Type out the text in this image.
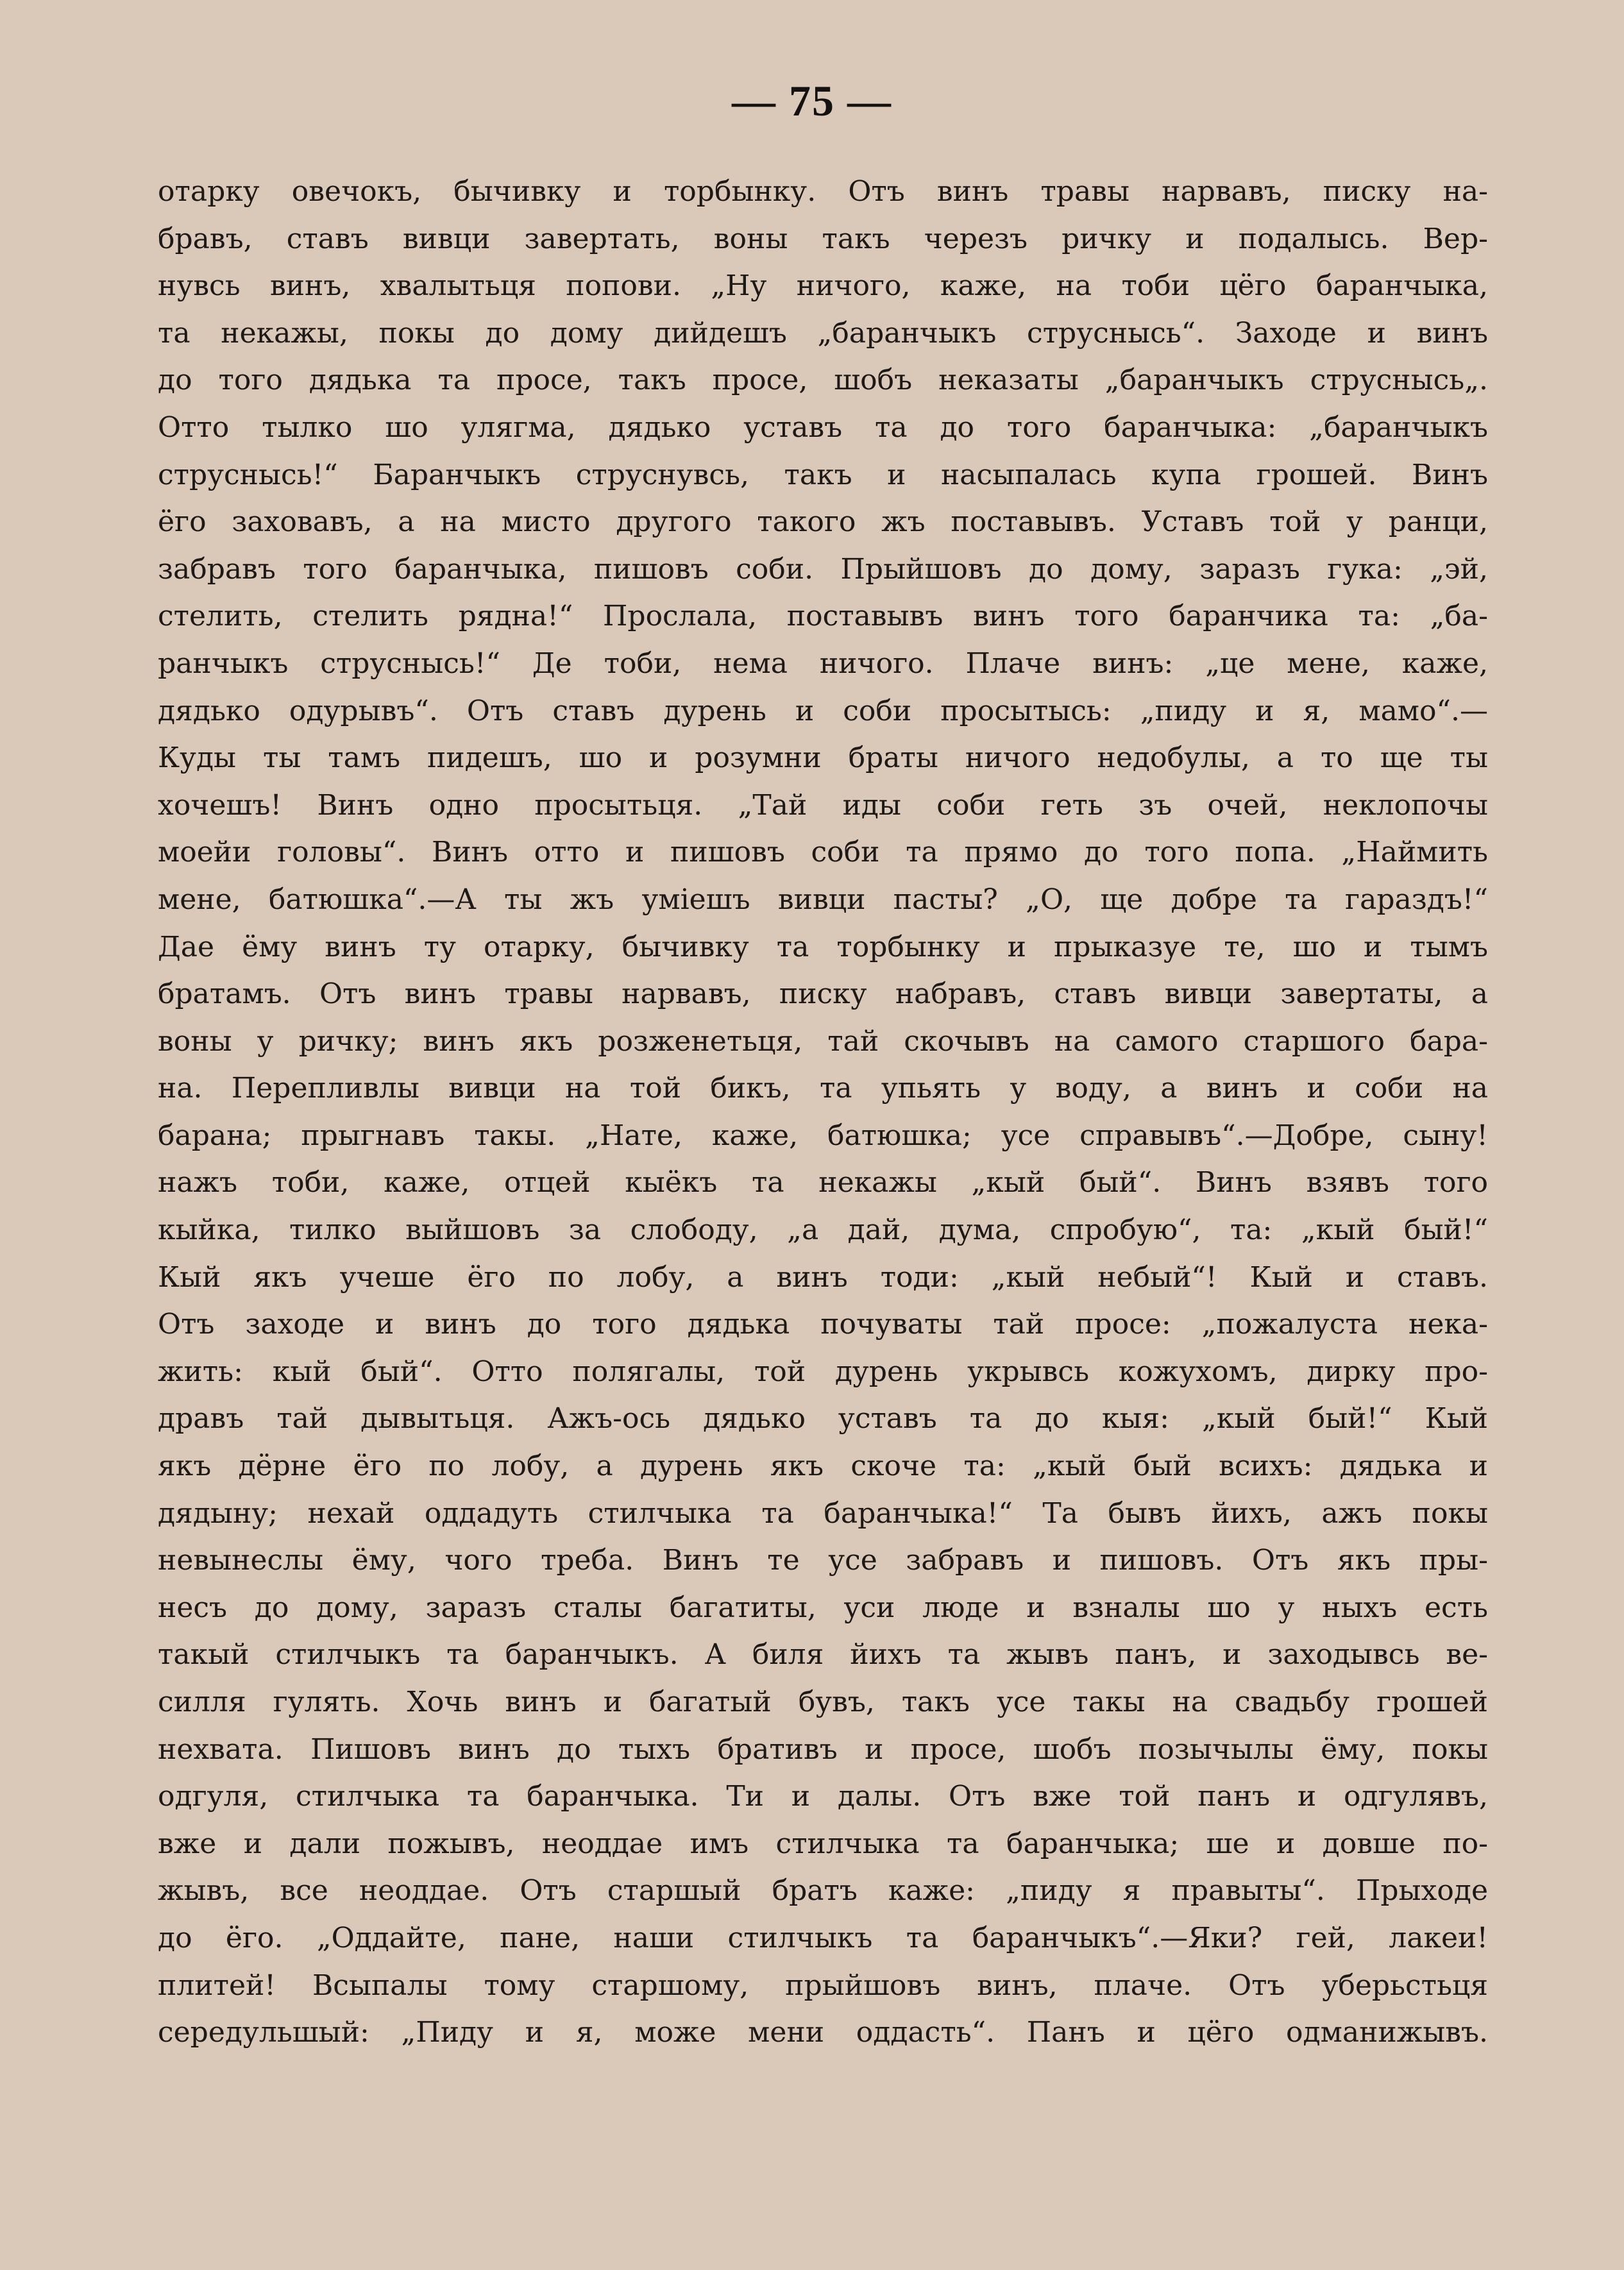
— 75 —
отарку овечокъ, бычивку и торбынку. Отъ винъ травы нарвавъ, писку на-
бравъ, ставъ вивци завертать, воны такъ черезъ ричку и подалысь. Вер-
нувсь винъ, хвалытьця попови. „Ну ничого, каже, на тоби цёго баранчыка,
та некажы, покы до дому дийдешъ „баранчыкъ струснысь“. Заходе и винъ
до того дядька та просе, такъ просе, шобъ неказаты „баранчыкъ струснысь„.
Отто тылко шо улягма, дядько уставъ та до того баранчыка: „баранчыкъ
струснысь!“ Баранчыкъ струснувсь, такъ и насыпалась купа грошей. Винъ
ёго заховавъ, а на мисто другого такого жъ поставывъ. Уставъ той у ранци,
забравъ того баранчыка, пишовъ соби. Прыйшовъ до дому, заразъ гука: „эй,
стелить, стелить рядна!“ Прослала, поставывъ винъ того баранчика та: „ба-
ранчыкъ струснысь!“ Де тоби, нема ничого. Плаче винъ: „це мене, каже,
дядько одурывъ“. Отъ ставъ дурень и соби просытысь: „пиду и я, мамо“.—
Куды ты тамъ пидешъ, шо и розумни браты ничого недобулы, а то ще ты
хочешъ! Винъ одно просытьця. „Тай иды соби геть зъ очей, неклопочы
моейи головы“. Винъ отто и пишовъ соби та прямо до того попа. „Наймить
мене, батюшка“.—А ты жъ уміешъ вивци пасты? „О, ще добре та гараздъ!“
Дае ёму винъ ту отарку, бычивку та торбынку и прыказуе те, шо и тымъ
братамъ. Отъ винъ травы нарвавъ, писку набравъ, ставъ вивци завертаты, а
воны у ричку; винъ якъ розженетьця, тай скочывъ на самого старшого бара-
на. Перепливлы вивци на той бикъ, та упьять у воду, а винъ и соби на
барана; прыгнавъ такы. „Нате, каже, батюшка; усе справывъ“.—Добре, сыну!
нажъ тоби, каже, отцей кыёкъ та некажы „кый бый“. Винъ взявъ того
кыйка, тилко выйшовъ за слободу, „а дай, дума, спробую“, та: „кый бый!“
Кый якъ учеше ёго по лобу, а винъ тоди: „кый небый“! Кый и ставъ.
Отъ заходе и винъ до того дядька почуваты тай просе: „пожалуста нека-
жить: кый бый“. Отто полягалы, той дурень укрывсь кожухомъ, дирку про-
дравъ тай дывытьця. Ажъ-ось дядько уставъ та до кыя: „кый бый!“ Кый
якъ дёрне ёго по лобу, а дурень якъ скоче та: „кый бый всихъ: дядька и
дядыну; нехай оддадуть стилчыка та баранчыка!“ Та бывъ йихъ, ажъ покы
невынеслы ёму, чого треба. Винъ те усе забравъ и пишовъ. Отъ якъ пры-
несъ до дому, заразъ сталы багатиты, уси люде и взналы шо у ныхъ есть
такый стилчыкъ та баранчыкъ. А биля йихъ та жывъ панъ, и заходывсь ве-
силля гулять. Хочь винъ и багатый бувъ, такъ усе такы на свадьбу грошей
нехвата. Пишовъ винъ до тыхъ бративъ и просе, шобъ позычылы ёму, покы
одгуля, стилчыка та баранчыка. Ти и далы. Отъ вже той панъ и одгулявъ,
вже и дали пожывъ, неоддае имъ стилчыка та баранчыка; ше и довше по-
жывъ, все неоддае. Отъ старшый братъ каже: „пиду я правыты“. Прыходе
до ёго. „Оддайте, пане, наши стилчыкъ та баранчыкъ“.—Яки? гей, лакеи!
плитей! Всыпалы тому старшому, прыйшовъ винъ, плаче. Отъ уберьстьця
середульшый: „Пиду и я, може мени оддасть“. Панъ и цёго одманижывъ.
